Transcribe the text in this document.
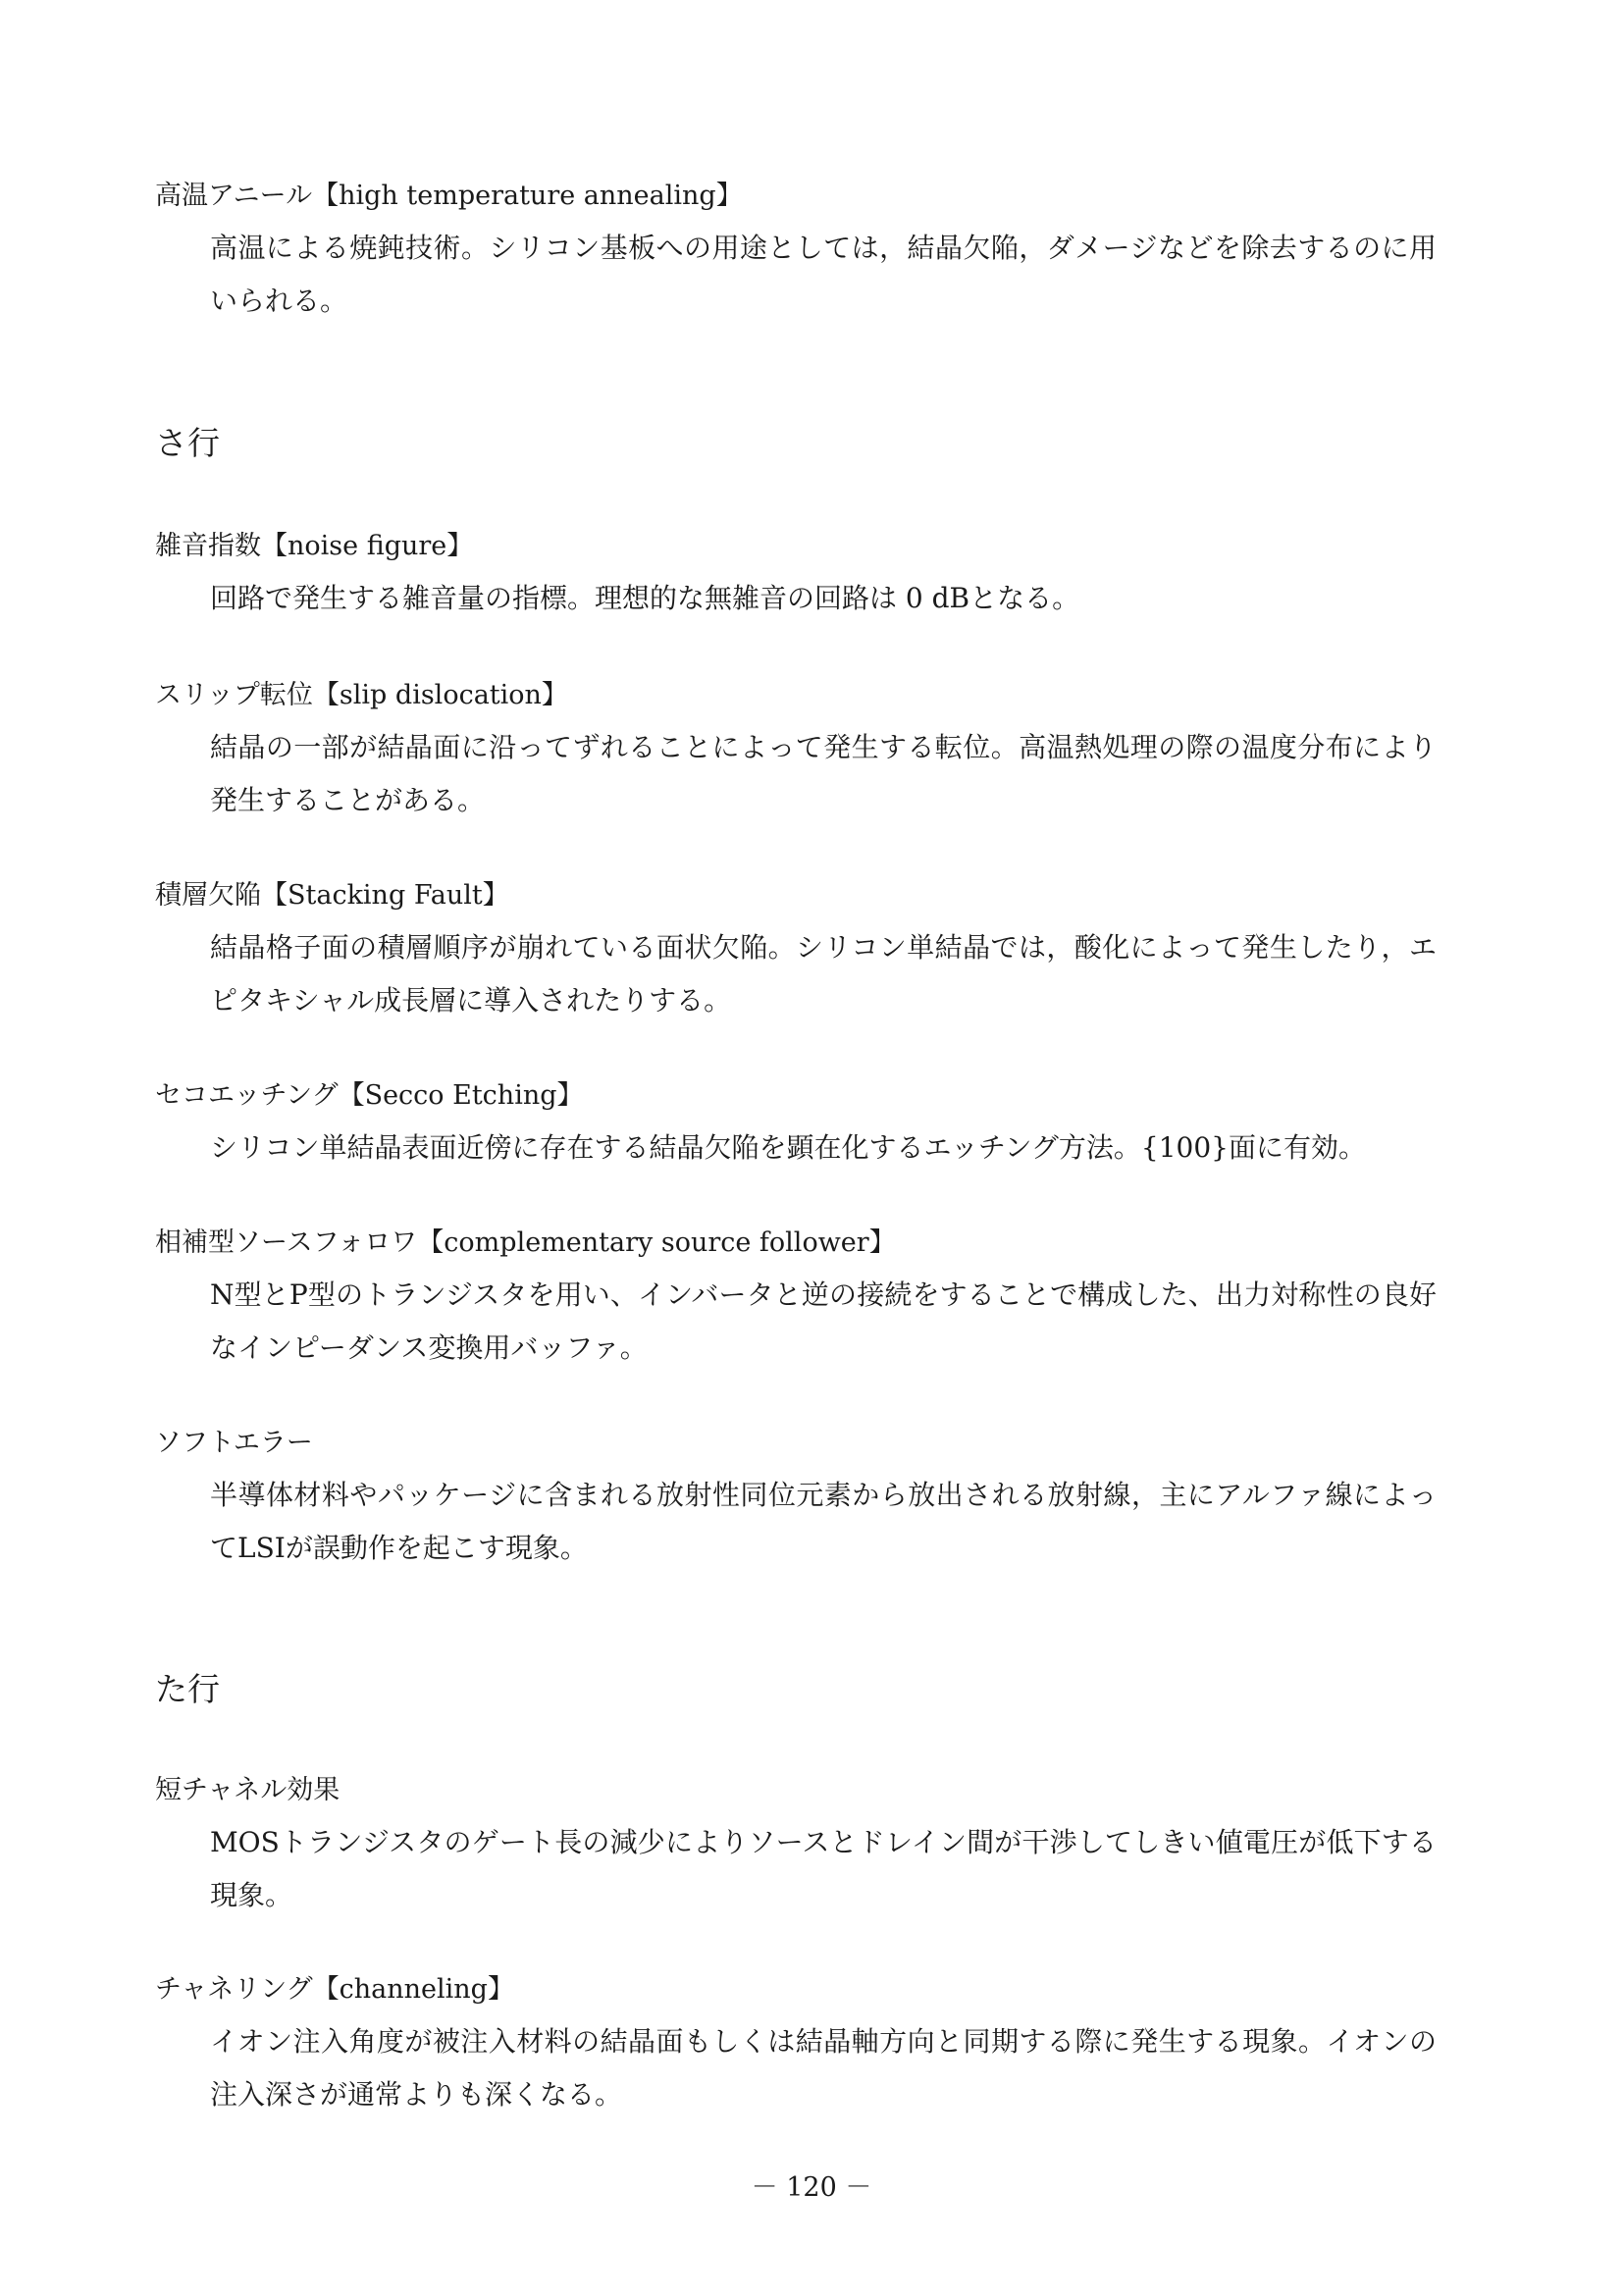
高温アニール【high temperature annealing】

高温による焼鈍技術。シリコン基板への用途としては，結晶欠陥，ダメージなどを除去するのに用いられる。

さ行

雑音指数【noise figure】

回路で発生する雑音量の指標。理想的な無雑音の回路は 0 dBとなる。

スリップ転位【slip dislocation】

結晶の一部が結晶面に沿ってずれることによって発生する転位。高温熱処理の際の温度分布により発生することがある。

積層欠陥【Stacking Fault】

結晶格子面の積層順序が崩れている面状欠陥。シリコン単結晶では，酸化によって発生したり，エピタキシャル成長層に導入されたりする。

セコエッチング【Secco Etching】

シリコン単結晶表面近傍に存在する結晶欠陥を顕在化するエッチング方法。{100}面に有効。

相補型ソースフォロワ【complementary source follower】

N型とP型のトランジスタを用い、インバータと逆の接続をすることで構成した、出力対称性の良好なインピーダンス変換用バッファ。

ソフトエラー

半導体材料やパッケージに含まれる放射性同位元素から放出される放射線，主にアルファ線によってLSIが誤動作を起こす現象。

た行

短チャネル効果

MOSトランジスタのゲート長の減少によりソースとドレイン間が干渉してしきい値電圧が低下する現象。

チャネリング【channeling】

イオン注入角度が被注入材料の結晶面もしくは結晶軸方向と同期する際に発生する現象。イオンの注入深さが通常よりも深くなる。

－ 120 －
